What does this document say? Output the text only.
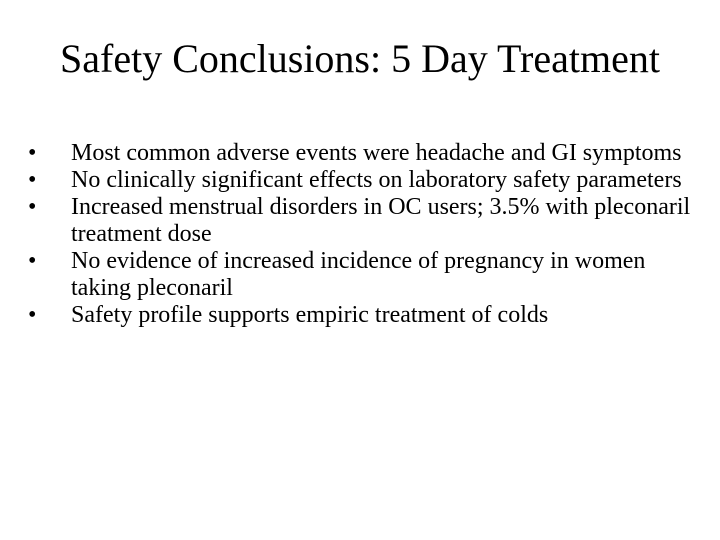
Safety Conclusions: 5 Day Treatment
•	Most common adverse events were headache and GI symptoms
•	No clinically significant effects on laboratory safety parameters
•	Increased menstrual disorders in OC users; 3.5% with pleconaril treatment dose
•	No evidence of increased incidence of pregnancy in women taking pleconaril
•	Safety profile supports empiric treatment of colds
